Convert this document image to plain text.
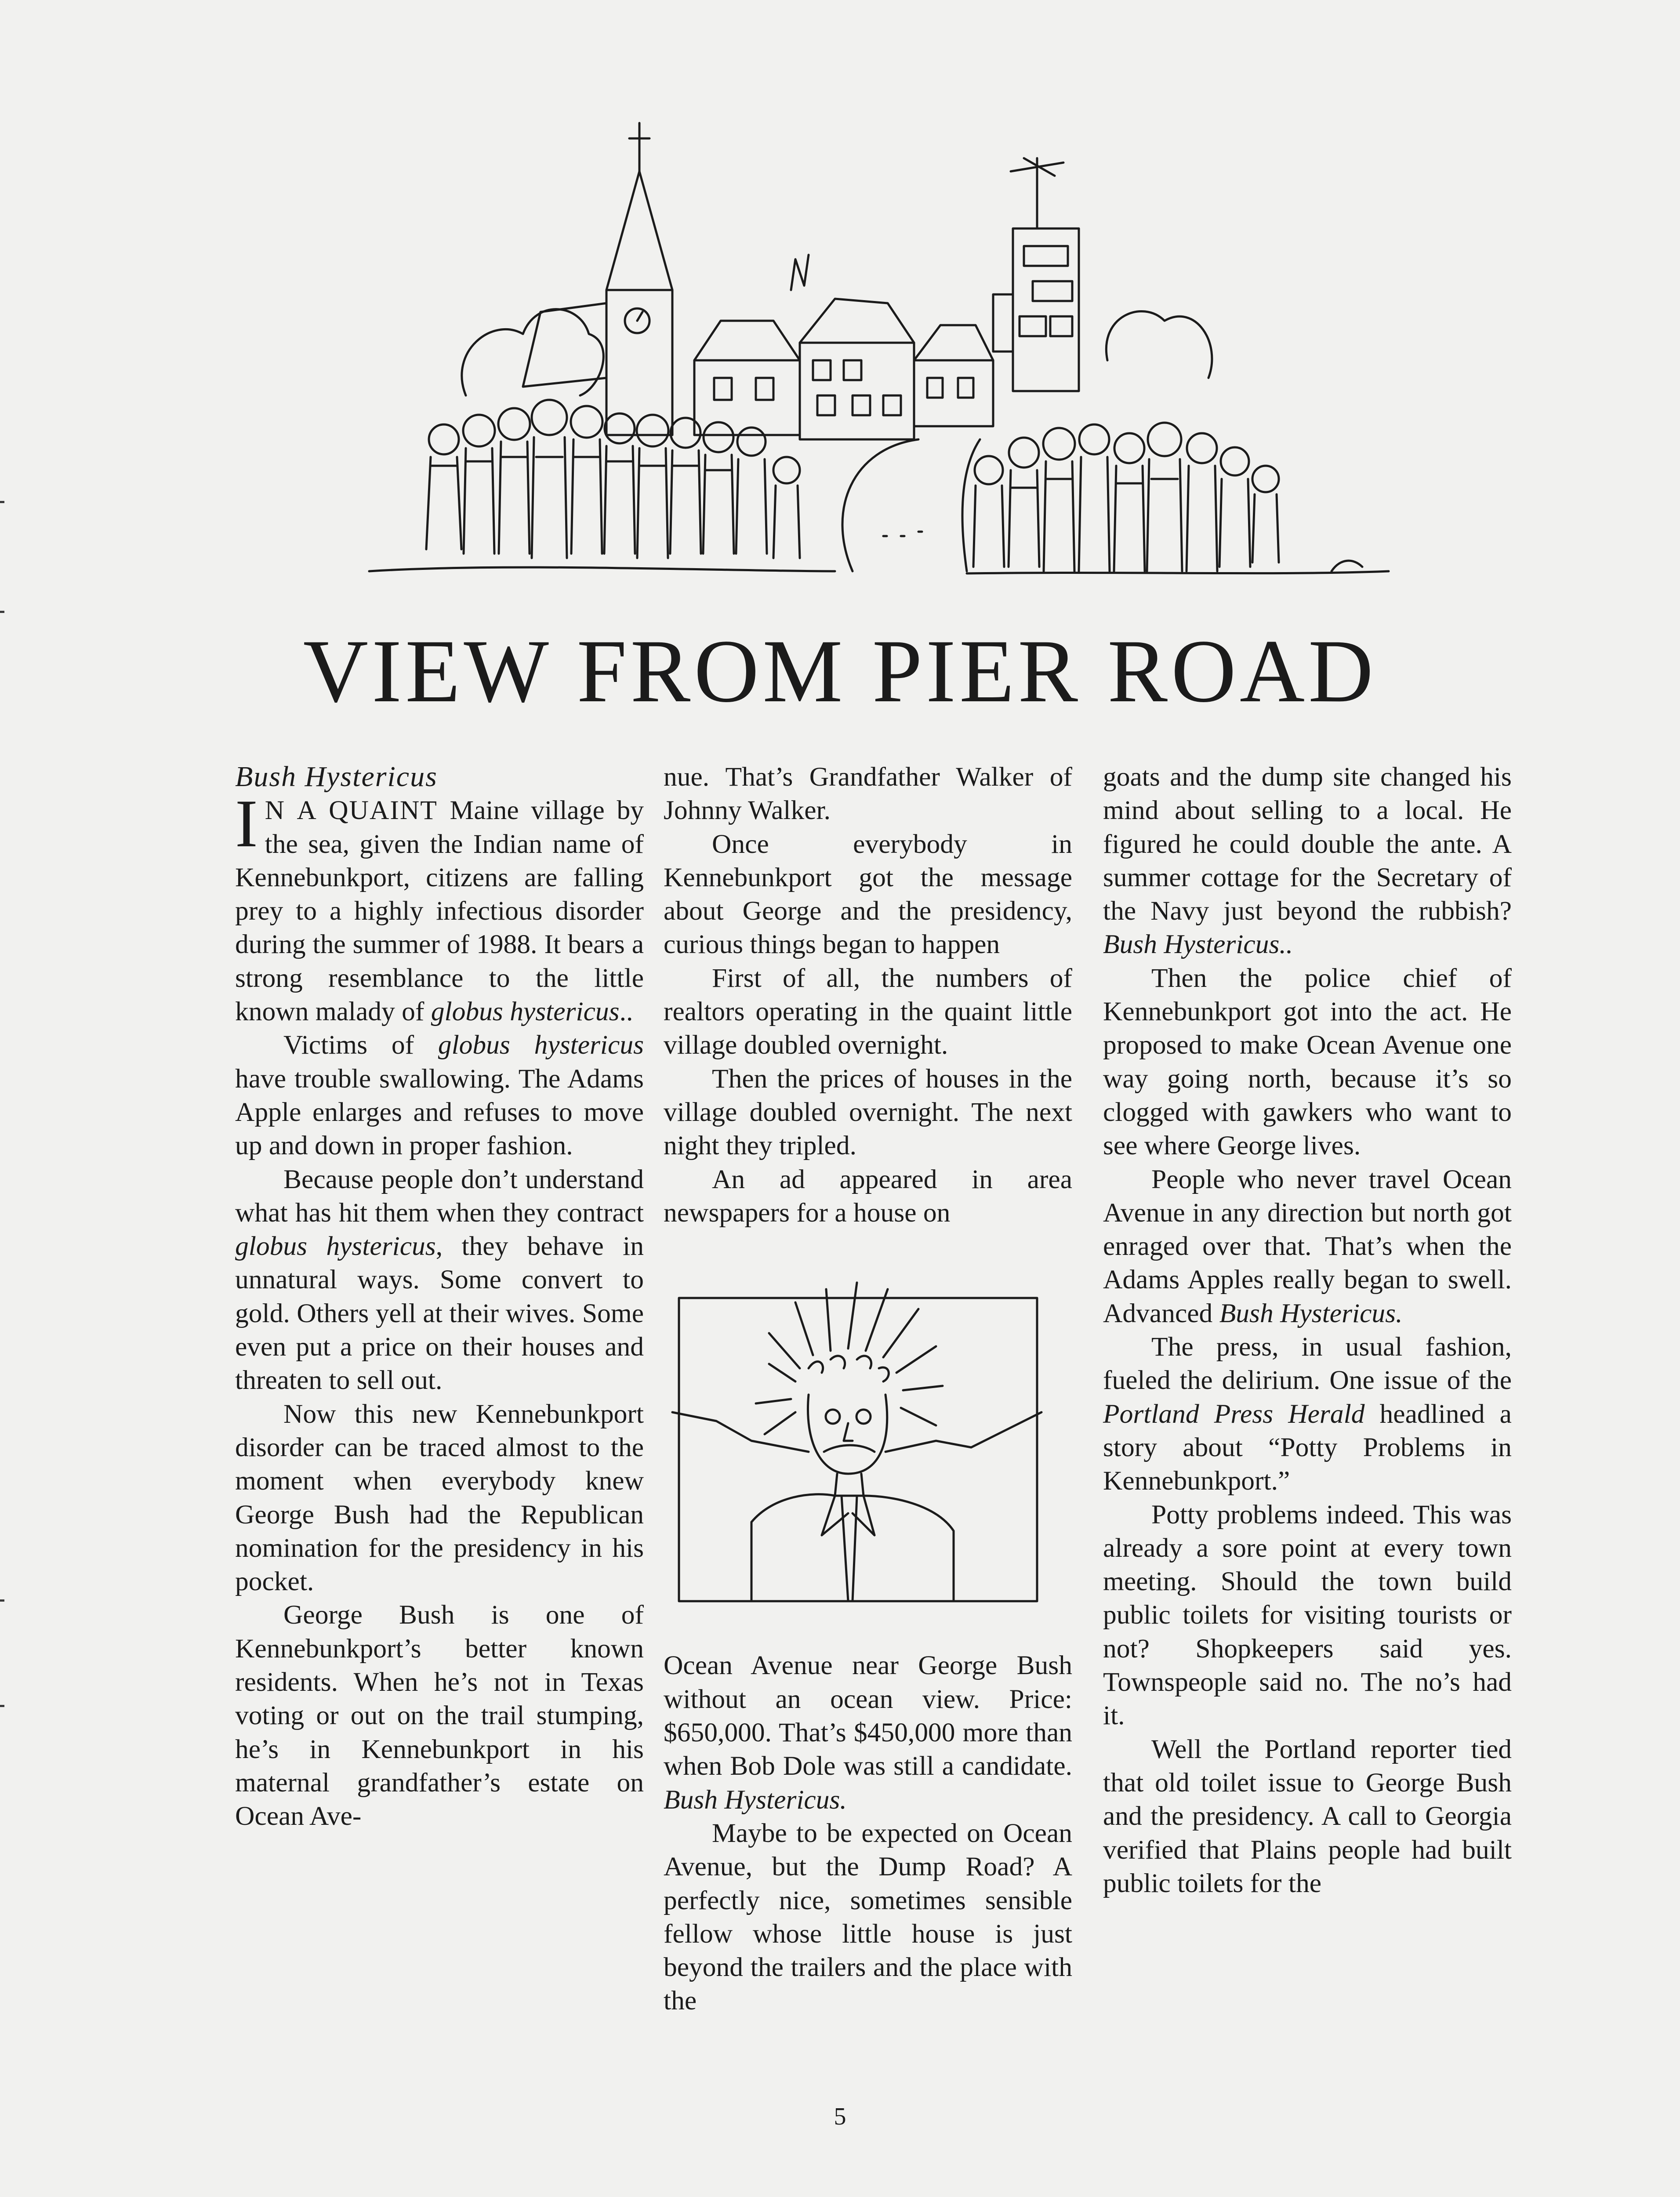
VIEW FROM PIER ROAD

Bush Hystericus

I N A QUAINT Maine village by the sea, given the Indian name of Kennebunkport, citizens are falling prey to a highly infectious disorder during the summer of 1988. It bears a strong resemblance to the little known malady of globus hystericus..

Victims of globus hystericus have trouble swallowing. The Adams Apple enlarges and refuses to move up and down in proper fashion.

Because people don’t understand what has hit them when they contract globus hystericus, they behave in unnatural ways. Some convert to gold. Others yell at their wives. Some even put a price on their houses and threaten to sell out.

Now this new Kennebunkport disorder can be traced almost to the moment when everybody knew George Bush had the Republican nomination for the presidency in his pocket.

George Bush is one of Kennebunkport’s better known residents. When he’s not in Texas voting or out on the trail stumping, he’s in Kennebunkport in his maternal grandfather’s estate on Ocean Ave-

nue. That’s Grandfather Walker of Johnny Walker.

Once everybody in Kennebunkport got the message about George and the presidency, curious things began to happen

First of all, the numbers of realtors operating in the quaint little village doubled overnight.

Then the prices of houses in the village doubled overnight. The next night they tripled.

An ad appeared in area newspapers for a house on

Ocean Avenue near George Bush without an ocean view. Price: $650,000. That’s $450,000 more than when Bob Dole was still a candidate. Bush Hystericus.

Maybe to be expected on Ocean Avenue, but the Dump Road? A perfectly nice, sometimes sensible fellow whose little house is just beyond the trailers and the place with the

goats and the dump site changed his mind about selling to a local. He figured he could double the ante. A summer cottage for the Secretary of the Navy just beyond the rubbish? Bush Hystericus..

Then the police chief of Kennebunkport got into the act. He proposed to make Ocean Avenue one way going north, because it’s so clogged with gawkers who want to see where George lives.

People who never travel Ocean Avenue in any direction but north got enraged over that. That’s when the Adams Apples really began to swell. Advanced Bush Hystericus.

The press, in usual fashion, fueled the delirium. One issue of the Portland Press Herald headlined a story about “Potty Problems in Kennebunkport.”

Potty problems indeed. This was already a sore point at every town meeting. Should the town build public toilets for visiting tourists or not? Shopkeepers said yes. Townspeople said no. The no’s had it.

Well the Portland reporter tied that old toilet issue to George Bush and the presidency. A call to Georgia verified that Plains people had built public toilets for the

5
